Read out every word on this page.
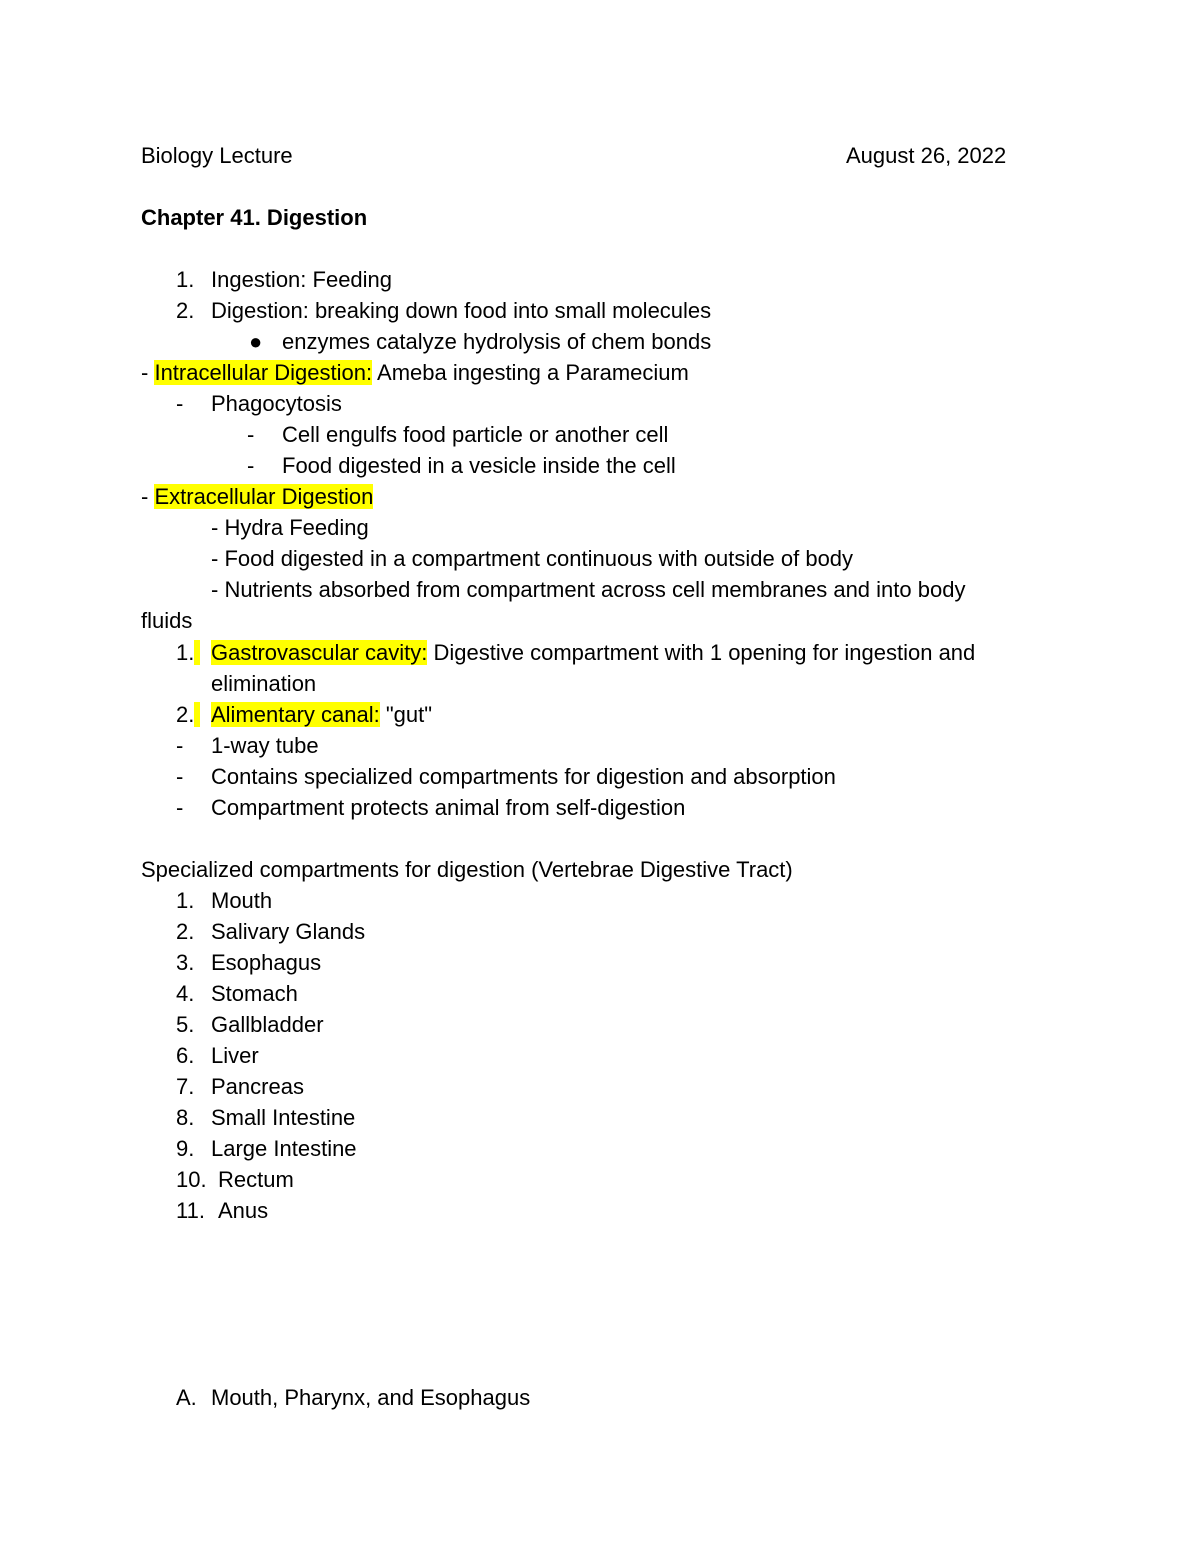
Biology Lecture	August 26, 2022
Chapter 41. Digestion
1. Ingestion: Feeding
2. Digestion: breaking down food into small molecules
● enzymes catalyze hydrolysis of chem bonds
- Intracellular Digestion: Ameba ingesting a Paramecium
- Phagocytosis
- Cell engulfs food particle or another cell
- Food digested in a vesicle inside the cell
- Extracellular Digestion
- Hydra Feeding
- Food digested in a compartment continuous with outside of body
- Nutrients absorbed from compartment across cell membranes and into body
fluids
1. Gastrovascular cavity: Digestive compartment with 1 opening for ingestion and
elimination
2. Alimentary canal: "gut"
- 1-way tube
- Contains specialized compartments for digestion and absorption
- Compartment protects animal from self-digestion
Specialized compartments for digestion (Vertebrae Digestive Tract)
1. Mouth
2. Salivary Glands
3. Esophagus
4. Stomach
5. Gallbladder
6. Liver
7. Pancreas
8. Small Intestine
9. Large Intestine
10. Rectum
11. Anus
A. Mouth, Pharynx, and Esophagus
